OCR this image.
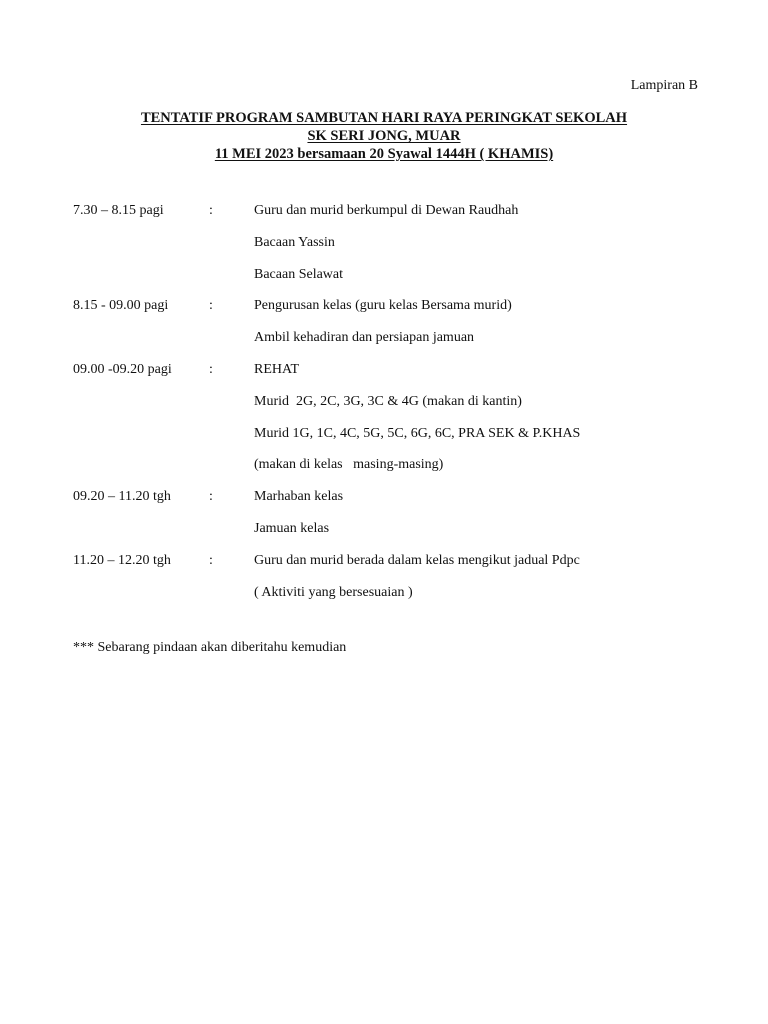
Lampiran B
TENTATIF PROGRAM SAMBUTAN HARI RAYA PERINGKAT SEKOLAH
SK SERI JONG, MUAR
11 MEI 2023 bersamaan 20 Syawal 1444H ( KHAMIS)
7.30 – 8.15 pagi	:	Guru dan murid berkumpul di Dewan Raudhah
Bacaan Yassin
Bacaan Selawat
8.15 - 09.00 pagi	:	Pengurusan kelas (guru kelas Bersama murid)
Ambil kehadiran dan persiapan jamuan
09.00 -09.20 pagi	:	REHAT
Murid  2G, 2C, 3G, 3C & 4G (makan di kantin)
Murid 1G, 1C, 4C, 5G, 5C, 6G, 6C, PRA SEK & P.KHAS
(makan di kelas   masing-masing)
09.20 – 11.20 tgh	:	Marhaban kelas
Jamuan kelas
11.20 – 12.20 tgh	:	Guru dan murid berada dalam kelas mengikut jadual Pdpc
( Aktiviti yang bersesuaian )
*** Sebarang pindaan akan diberitahu kemudian
